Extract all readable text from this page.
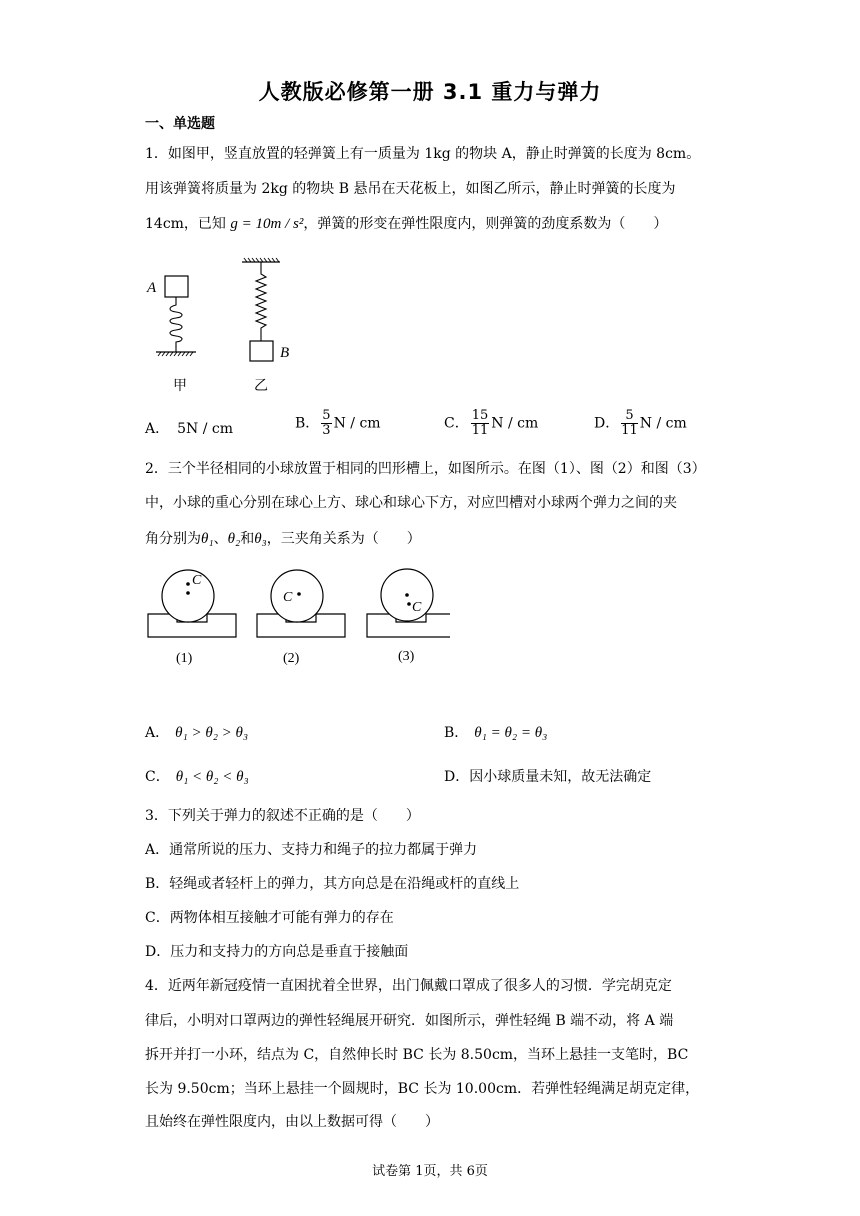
人教版必修第一册 3.1 重力与弹力
一、单选题
1．如图甲，竖直放置的轻弹簧上有一质量为 1kg 的物块 A，静止时弹簧的长度为 8cm。
用该弹簧将质量为 2kg 的物块 B 悬吊在天花板上，如图乙所示，静止时弹簧的长度为
14cm，已知 g = 10m / s²，弹簧的形变在弹性限度内，则弹簧的劲度系数为（　　）
A
甲
B
乙
A． 5N / cm	B． $\frac{5}{3}$ N / cm	C． $\frac{15}{11}$ N / cm	D． $\frac{5}{11}$ N / cm
2．三个半径相同的小球放置于相同的凹形槽上，如图所示。在图（1）、图（2）和图（3）
中，小球的重心分别在球心上方、球心和球心下方，对应凹槽对小球两个弹力之间的夹
角分别为θ₁、θ₂和θ₃，三夹角关系为（　　）
C
(1)
C
(2)
C
(3)
A． θ₁ > θ₂ > θ₃	B． θ₁ = θ₂ = θ₃
C． θ₁ < θ₂ < θ₃	D．因小球质量未知，故无法确定
3．下列关于弹力的叙述不正确的是（　　）
A．通常所说的压力、支持力和绳子的拉力都属于弹力
B．轻绳或者轻杆上的弹力，其方向总是在沿绳或杆的直线上
C．两物体相互接触才可能有弹力的存在
D．压力和支持力的方向总是垂直于接触面
4．近两年新冠疫情一直困扰着全世界，出门佩戴口罩成了很多人的习惯．学完胡克定
律后，小明对口罩两边的弹性轻绳展开研究．如图所示，弹性轻绳 B 端不动，将 A 端
拆开并打一小环，结点为 C，自然伸长时 BC 长为 8.50cm，当环上悬挂一支笔时，BC
长为 9.50cm；当环上悬挂一个圆规时，BC 长为 10.00cm．若弹性轻绳满足胡克定律，
且始终在弹性限度内，由以上数据可得（　　）
试卷第 1页，共 6页
